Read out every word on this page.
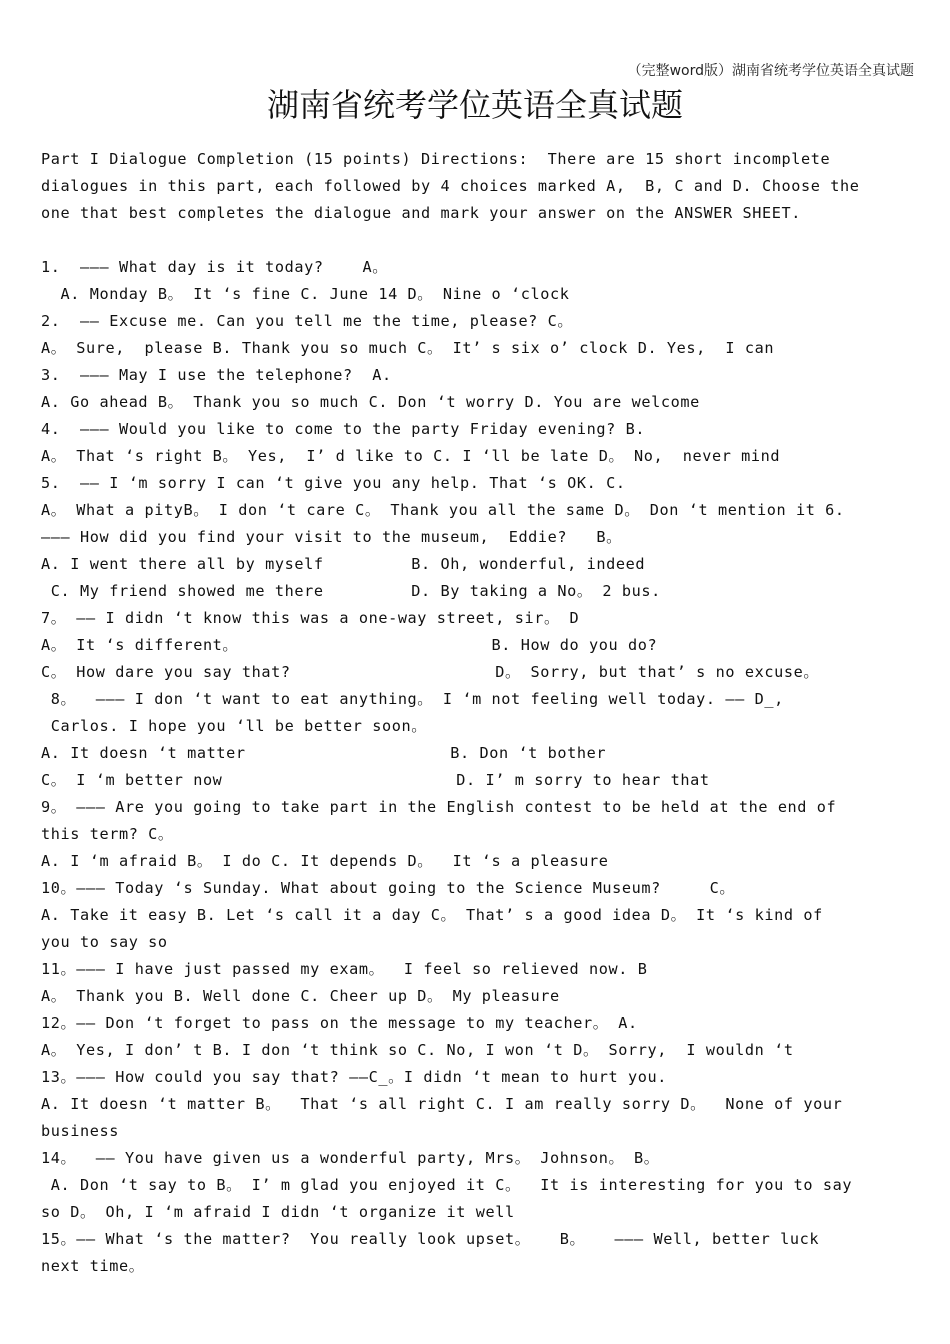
（完整word版）湖南省统考学位英语全真试题
湖南省统考学位英语全真试题
Part I Dialogue Completion (15 points) Directions:  There are 15 short incomplete
dialogues in this part, each followed by 4 choices marked A,  B, C and D. Choose the
one that best completes the dialogue and mark your answer on the ANSWER SHEET.
1.  ——— What day is it today?    A。
A. Monday B。 It ‘s fine C. June 14 D。 Nine o ‘clock
2.  —— Excuse me. Can you tell me the time, please? C。
A。 Sure,  please B. Thank you so much C。 It’ s six o’ clock D. Yes,  I can
3.  ——— May I use the telephone?  A.
A. Go ahead B。 Thank you so much C. Don ‘t worry D. You are welcome
4.  ——— Would you like to come to the party Friday evening? B.
A。 That ‘s right B。 Yes,  I’ d like to C. I ‘ll be late D。 No,  never mind
5.  —— I ‘m sorry I can ‘t give you any help. That ‘s OK. C.
A。 What a pityB。 I don ‘t care C。 Thank you all the same D。 Don ‘t mention it 6.
——— How did you find your visit to the museum,  Eddie?   B。
A. I went there all by myself         B. Oh, wonderful, indeed
C. My friend showed me there         D. By taking a No。 2 bus.
7。 —— I didn ‘t know this was a one-way street, sir。 D
A。 It ‘s different。                          B. How do you do?
C。 How dare you say that?                     D。 Sorry, but that’ s no excuse。
8。  ——— I don ‘t want to eat anything。 I ‘m not feeling well today. —— D_,
Carlos. I hope you ‘ll be better soon。
A. It doesn ‘t matter                     B. Don ‘t bother
C。 I ‘m better now                        D. I’ m sorry to hear that
9。 ——— Are you going to take part in the English contest to be held at the end of
this term? C。
A. I ‘m afraid B。 I do C. It depends D。  It ‘s a pleasure
10。——— Today ‘s Sunday. What about going to the Science Museum?     C。
A. Take it easy B. Let ‘s call it a day C。 That’ s a good idea D。 It ‘s kind of
you to say so
11。——— I have just passed my exam。  I feel so relieved now. B
A。 Thank you B. Well done C. Cheer up D。 My pleasure
12。—— Don ‘t forget to pass on the message to my teacher。 A.
A。 Yes, I don’ t B. I don ‘t think so C. No, I won ‘t D。 Sorry,  I wouldn ‘t
13。——— How could you say that? ——C_。I didn ‘t mean to hurt you.
A. It doesn ‘t matter B。  That ‘s all right C. I am really sorry D。  None of your
business
14。  —— You have given us a wonderful party, Mrs。 Johnson。 B。
A. Don ‘t say to B。 I’ m glad you enjoyed it C。  It is interesting for you to say
so D。 Oh, I ‘m afraid I didn ‘t organize it well
15。—— What ‘s the matter?  You really look upset。   B。   ——— Well, better luck
next time。
